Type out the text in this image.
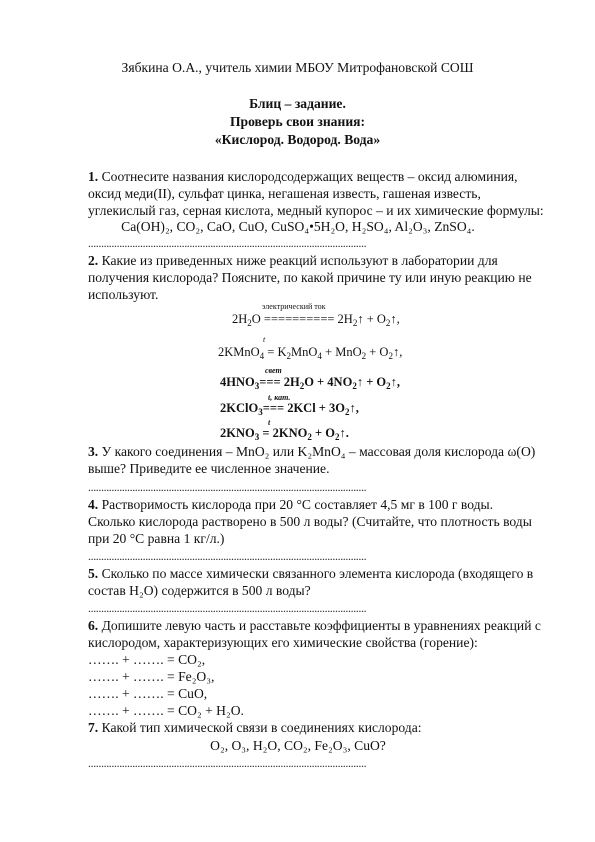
Зябкина О.А., учитель химии МБОУ Митрофановской СОШ
Блиц – задание.
Проверь свои знания:
«Кислород. Водород. Вода»
1. Соотнесите названия кислородсодержащих веществ – оксид алюминия,
оксид меди(II), сульфат цинка, негашеная известь, гашеная известь,
углекислый газ, серная кислота, медный купорос – и их химические формулы:
Ca(OH)₂, CO₂, CaO, CuO, CuSO₄•5H₂O, H₂SO₄, Al₂O₃, ZnSO₄.
...........................................................................................................
2. Какие из приведенных ниже реакций используют в лаборатории для
получения кислорода? Поясните, по какой причине ту или иную реакцию не
используют.
электрический ток
$2H_2O$ ========== $2H_2↑$ + $O_2↑$,
t
2KMnO$_4$ = $K_2MnO_4 + MnO_2$ + $O_2↑$,
свет
$4HNO_3=== 2H_2O$ + $4NO_2↑$ + $O_2↑$,
t, кат.
2KClO$_3$=== $2KCl + 3O_2↑$,
t
$2KNO_3 = 2KNO_2$ + $O_2↑$.
3. У какого соединения – MnO₂ или K₂MnO₄ – массовая доля кислорода ω(O)
выше? Приведите ее численное значение.
...........................................................................................................
4. Растворимость кислорода при 20 °С составляет 4,5 мг в 100 г воды.
Сколько кислорода растворено в 500 л воды? (Считайте, что плотность воды
при 20 °С равна 1 кг/л.)
...........................................................................................................
5. Сколько по массе химически связанного элемента кислорода (входящего в
состав H₂O) содержится в 500 л воды?
...........................................................................................................
6. Допишите левую часть и расставьте коэффициенты в уравнениях реакций с
кислородом, характеризующих его химические свойства (горение):
……. + ……. = CO₂,
……. + ……. = Fe₂O₃,
……. + ……. = CuO,
……. + ……. = CO₂ + H₂O.
7. Какой тип химической связи в соединениях кислорода:
O₂, O₃, H₂O, CO₂, Fe₂O₃, CuO?
...........................................................................................................
